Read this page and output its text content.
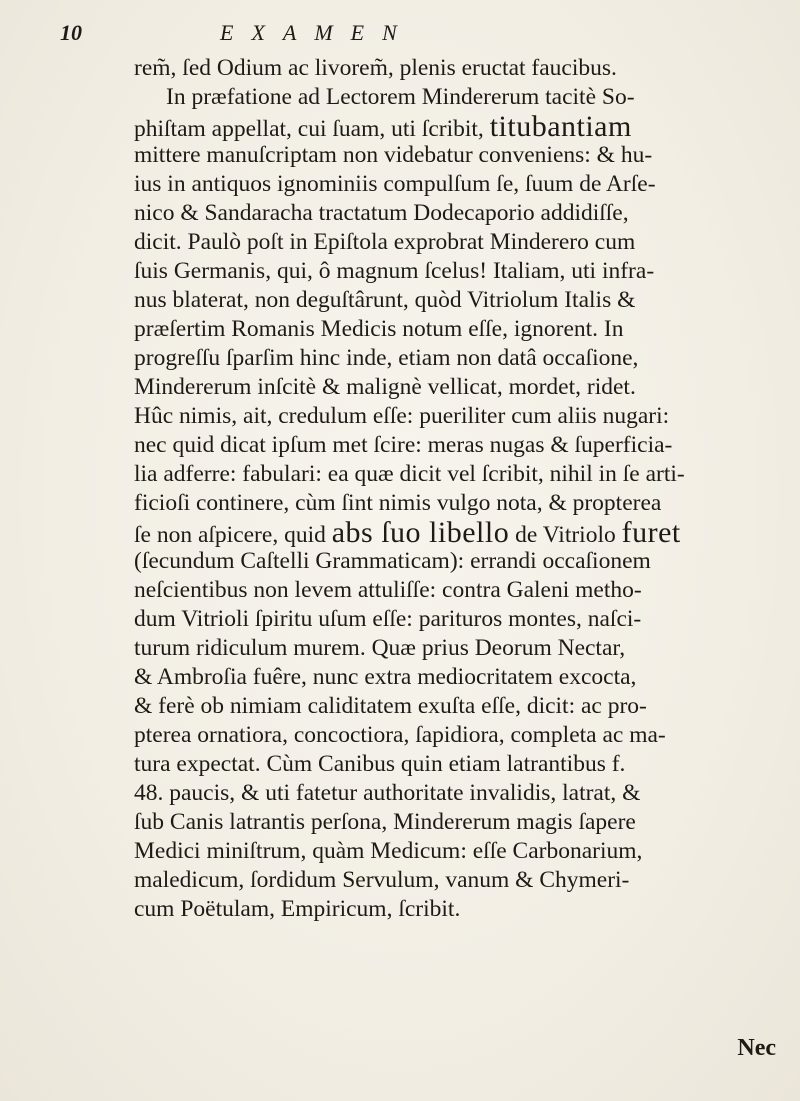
10	EXAMEN
rem̃, ſed Odium ac livorem̃, plenis eructat faucibus.
In præfatione ad Lectorem Mindererum tacitè So-
phiſtam appellat, cui ſuam, uti ſcribit, titubantiam
mittere manuſcriptam non videbatur conveniens: & hu-
ius in antiquos ignominiis compulſum ſe, ſuum de Arſe-
nico & Sandaracha tractatum Dodecaporio addidiſſe,
dicit. Paulò poſt in Epiſtola exprobrat Minderero cum
ſuis Germanis, qui, ô magnum ſcelus! Italiam, uti infra-
nus blaterat, non deguſtârunt, quòd Vitriolum Italis &
præſertim Romanis Medicis notum eſſe, ignorent. In
progreſſu ſparſim hinc inde, etiam non datâ occaſione,
Mindererum inſcitè & malignè vellicat, mordet, ridet.
Hûc nimis, ait, credulum eſſe: pueriliter cum aliis nugari:
nec quid dicat ipſum met ſcire: meras nugas & ſuperficia-
lia adferre: fabulari: ea quæ dicit vel ſcribit, nihil in ſe arti-
ficioſi continere, cùm ſint nimis vulgo nota, & propterea
ſe non aſpicere, quid abs ſuo libello de Vitriolo furet
(ſecundum Caſtelli Grammaticam): errandi occaſionem
neſcientibus non levem attuliſſe: contra Galeni metho-
dum Vitrioli ſpiritu uſum eſſe: parituros montes, naſci-
turum ridiculum murem. Quæ prius Deorum Nectar,
& Ambroſia fuêre, nunc extra mediocritatem excocta,
& ferè ob nimiam caliditatem exuſta eſſe, dicit: ac pro-
pterea ornatiora, concoctiora, ſapidiora, completa ac ma-
tura expectat. Cùm Canibus quin etiam latrantibus f.
48. paucis, & uti fatetur authoritate invalidis, latrat, &
ſub Canis latrantis perſona, Mindererum magis ſapere
Medici miniſtrum, quàm Medicum: eſſe Carbonarium,
maledicum, ſordidum Servulum, vanum & Chymeri-
cum Poëtulam, Empiricum, ſcribit.
Nec
